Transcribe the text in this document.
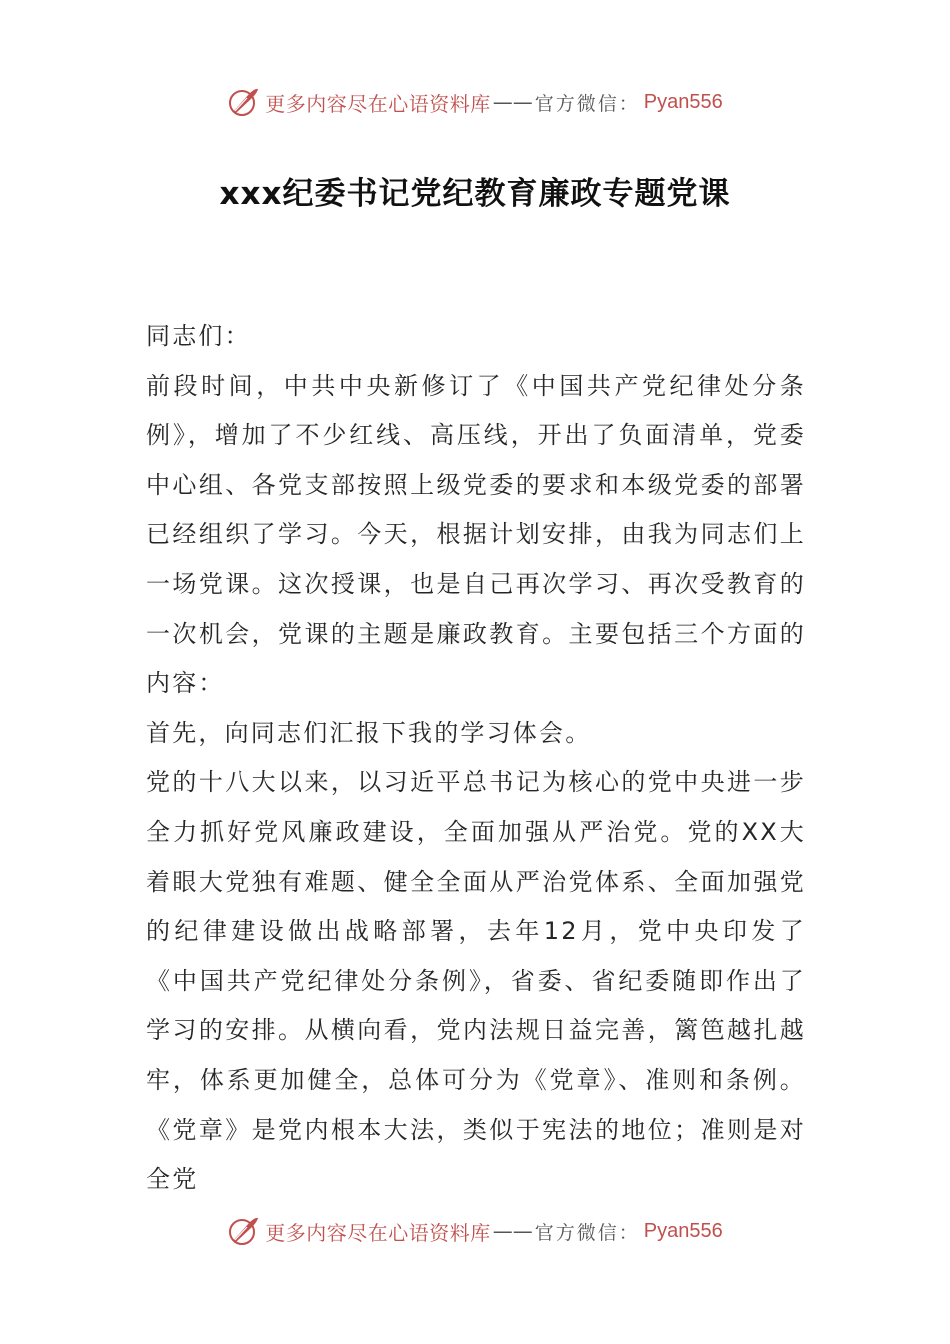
更多内容尽在心语资料库 —— 官方微信： Pyan556
xxx纪委书记党纪教育廉政专题党课

同志们：

前段时间，中共中央新修订了《中国共产党纪律处分条例》，增加了不少红线、高压线，开出了负面清单，党委中心组、各党支部按照上级党委的要求和本级党委的部署已经组织了学习。今天，根据计划安排，由我为同志们上一场党课。这次授课，也是自己再次学习、再次受教育的一次机会，党课的主题是廉政教育。主要包括三个方面的内容：

首先，向同志们汇报下我的学习体会。

党的十八大以来，以习近平总书记为核心的党中央进一步全力抓好党风廉政建设，全面加强从严治党。党的XX大着眼大党独有难题、健全全面从严治党体系、全面加强党的纪律建设做出战略部署，去年12月，党中央印发了《中国共产党纪律处分条例》，省委、省纪委随即作出了学习的安排。从横向看，党内法规日益完善，篱笆越扎越牢，体系更加健全，总体可分为《党章》、准则和条例。《党章》是党内根本大法，类似于宪法的地位；准则是对全党

更多内容尽在心语资料库 —— 官方微信： Pyan556
